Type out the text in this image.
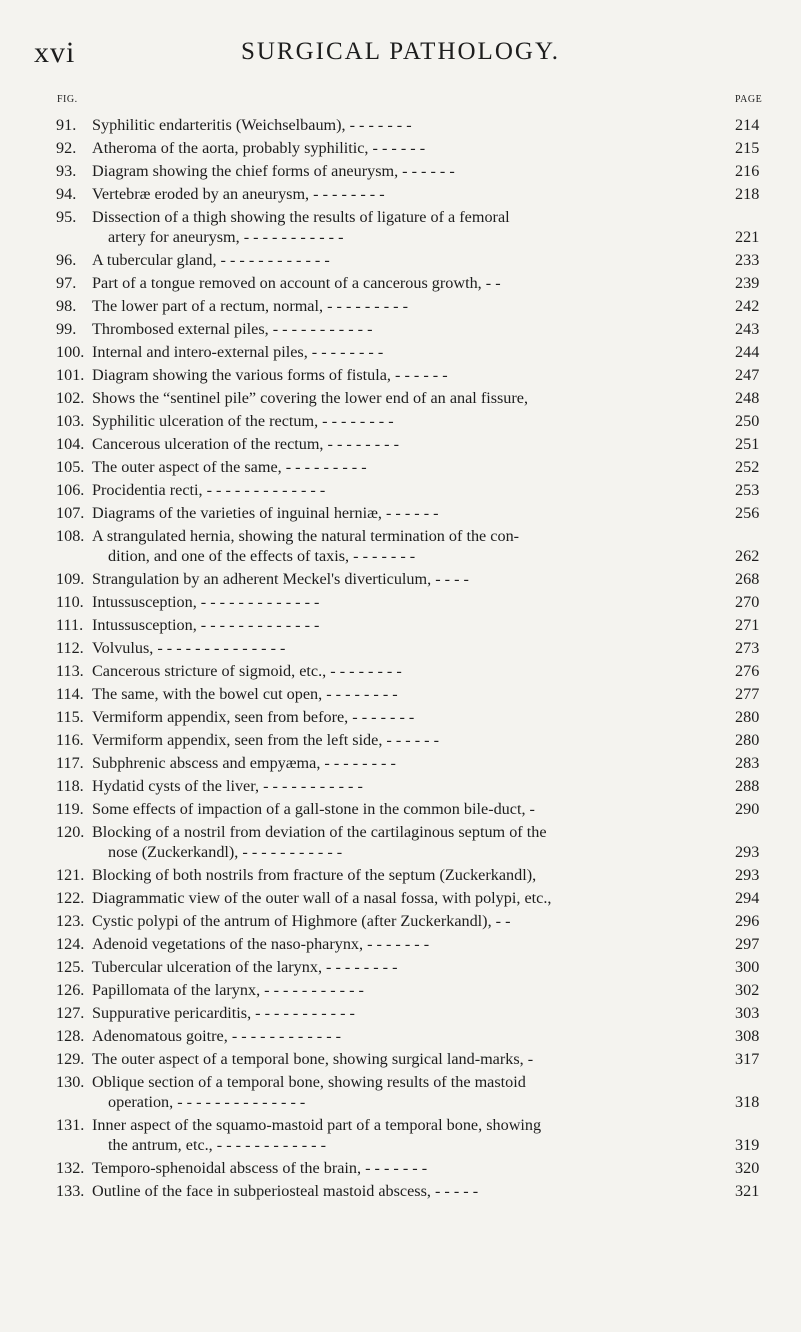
xvi	SURGICAL PATHOLOGY.
FIG.	PAGE
91. Syphilitic endarteritis (Weichselbaum), - - - - - - -	214
92. Atheroma of the aorta, probably syphilitic, - - - - - -	215
93. Diagram showing the chief forms of aneurysm, - - - - - -	216
94. Vertebræ eroded by an aneurysm, - - - - - - - -	218
95. Dissection of a thigh showing the results of ligature of a femoral
artery for aneurysm, - - - - - - - - - - -	221
96. A tubercular gland, - - - - - - - - - - - -	233
97. Part of a tongue removed on account of a cancerous growth, - -	239
98. The lower part of a rectum, normal, - - - - - - - - -	242
99. Thrombosed external piles, - - - - - - - - - - -	243
100. Internal and intero-external piles, - - - - - - - -	244
101. Diagram showing the various forms of fistula, - - - - - -	247
102. Shows the “sentinel pile” covering the lower end of an anal fissure,	248
103. Syphilitic ulceration of the rectum, - - - - - - - -	250
104. Cancerous ulceration of the rectum, - - - - - - - -	251
105. The outer aspect of the same, - - - - - - - - -	252
106. Procidentia recti, - - - - - - - - - - - - -	253
107. Diagrams of the varieties of inguinal herniæ, - - - - - -	256
108. A strangulated hernia, showing the natural termination of the con-
dition, and one of the effects of taxis, - - - - - - -	262
109. Strangulation by an adherent Meckel's diverticulum, - - - -	268
110. Intussusception, - - - - - - - - - - - - -	270
111. Intussusception, - - - - - - - - - - - - -	271
112. Volvulus, - - - - - - - - - - - - - -	273
113. Cancerous stricture of sigmoid, etc., - - - - - - - -	276
114. The same, with the bowel cut open, - - - - - - - -	277
115. Vermiform appendix, seen from before, - - - - - - -	280
116. Vermiform appendix, seen from the left side, - - - - - -	280
117. Subphrenic abscess and empyæma, - - - - - - - -	283
118. Hydatid cysts of the liver, - - - - - - - - - - -	288
119. Some effects of impaction of a gall-stone in the common bile-duct, -	290
120. Blocking of a nostril from deviation of the cartilaginous septum of the
nose (Zuckerkandl), - - - - - - - - - - -	293
121. Blocking of both nostrils from fracture of the septum (Zuckerkandl),	293
122. Diagrammatic view of the outer wall of a nasal fossa, with polypi, etc.,	294
123. Cystic polypi of the antrum of Highmore (after Zuckerkandl), - -	296
124. Adenoid vegetations of the naso-pharynx, - - - - - - -	297
125. Tubercular ulceration of the larynx, - - - - - - - -	300
126. Papillomata of the larynx, - - - - - - - - - - -	302
127. Suppurative pericarditis, - - - - - - - - - - -	303
128. Adenomatous goitre, - - - - - - - - - - - -	308
129. The outer aspect of a temporal bone, showing surgical land-marks, -	317
130. Oblique section of a temporal bone, showing results of the mastoid
operation, - - - - - - - - - - - - - -	318
131. Inner aspect of the squamo-mastoid part of a temporal bone, showing
the antrum, etc., - - - - - - - - - - - -	319
132. Temporo-sphenoidal abscess of the brain, - - - - - - -	320
133. Outline of the face in subperiosteal mastoid abscess, - - - - -	321
